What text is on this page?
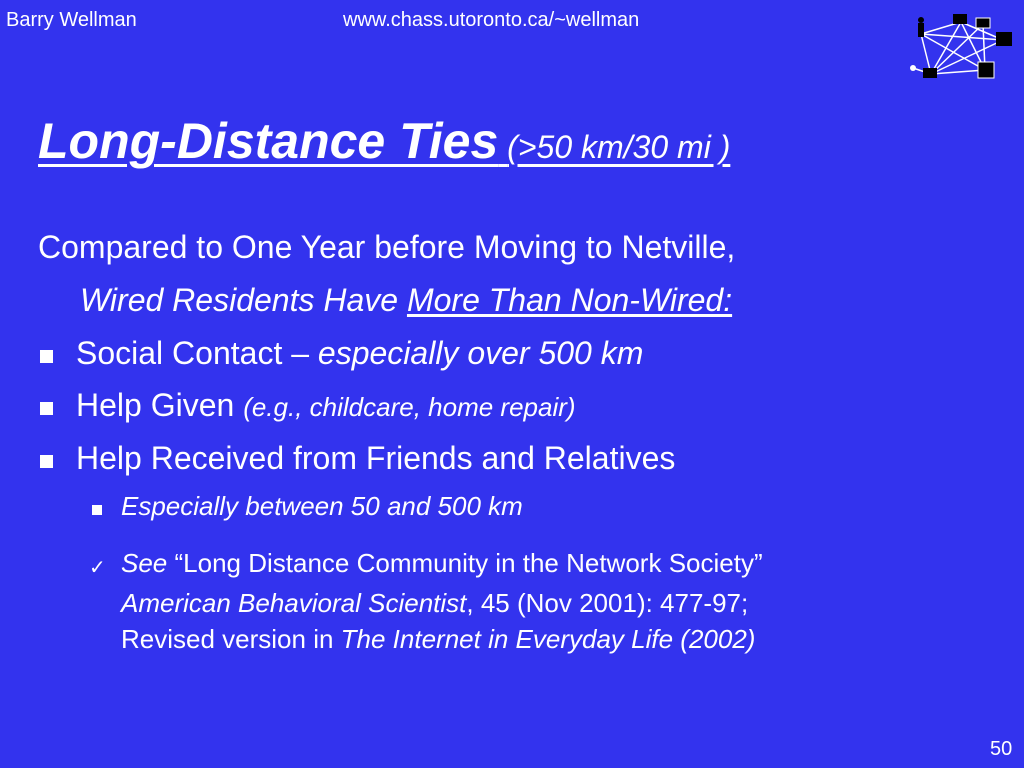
Barry Wellman	www.chass.utoronto.ca/~wellman
Long-Distance Ties (>50 km/30 mi )
Compared to One Year before Moving to Netville,
Wired Residents Have More Than Non-Wired:
Social Contact – especially over 500 km
Help Given (e.g., childcare, home repair)
Help Received from Friends and Relatives
Especially between 50 and 500 km
✓ See “Long Distance Community in the Network Society”
American Behavioral Scientist, 45 (Nov 2001): 477-97;
Revised version in The Internet in Everyday Life (2002)
50
